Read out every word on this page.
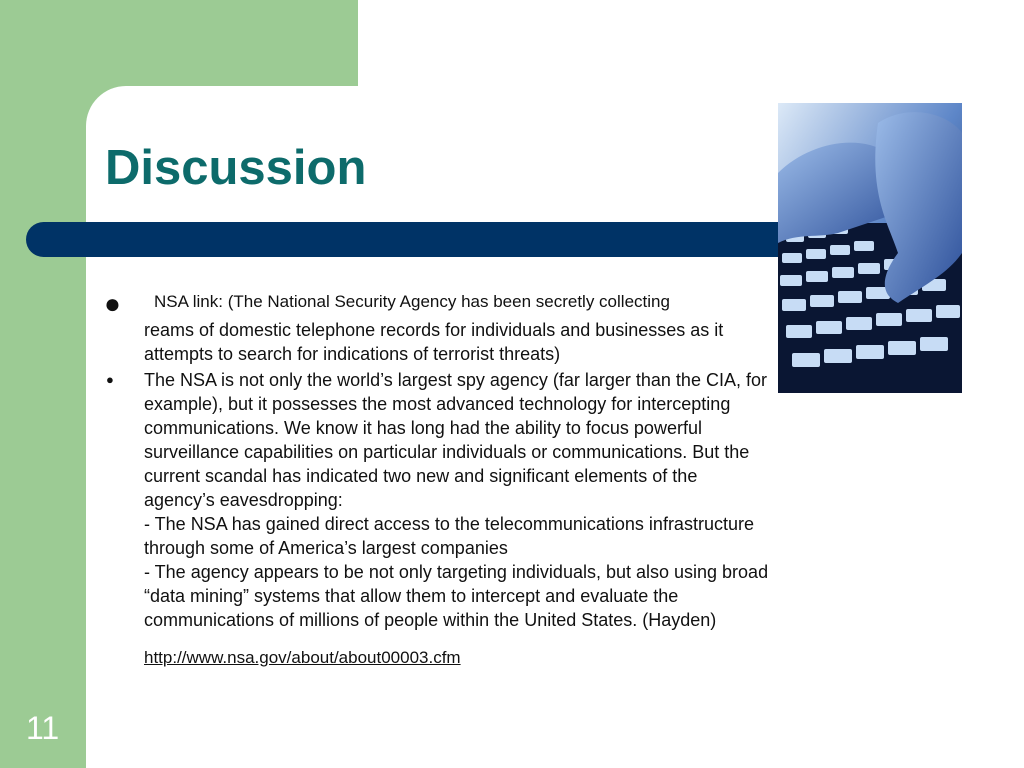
Discussion
● NSA link: (The National Security Agency has been secretly collecting
reams of domestic telephone records for individuals and businesses as it attempts to search for indications of terrorist threats)
● The NSA is not only the world’s largest spy agency (far larger than the CIA, for example), but it possesses the most advanced technology for intercepting communications. We know it has long had the ability to focus powerful surveillance capabilities on particular individuals or communications. But the current scandal has indicated two new and significant elements of the agency’s eavesdropping:
- The NSA has gained direct access to the telecommunications infrastructure through some of America’s largest companies
- The agency appears to be not only targeting individuals, but also using broad “data mining” systems that allow them to intercept and evaluate the communications of millions of people within the United States. (Hayden)
http://www.nsa.gov/about/about00003.cfm
11
